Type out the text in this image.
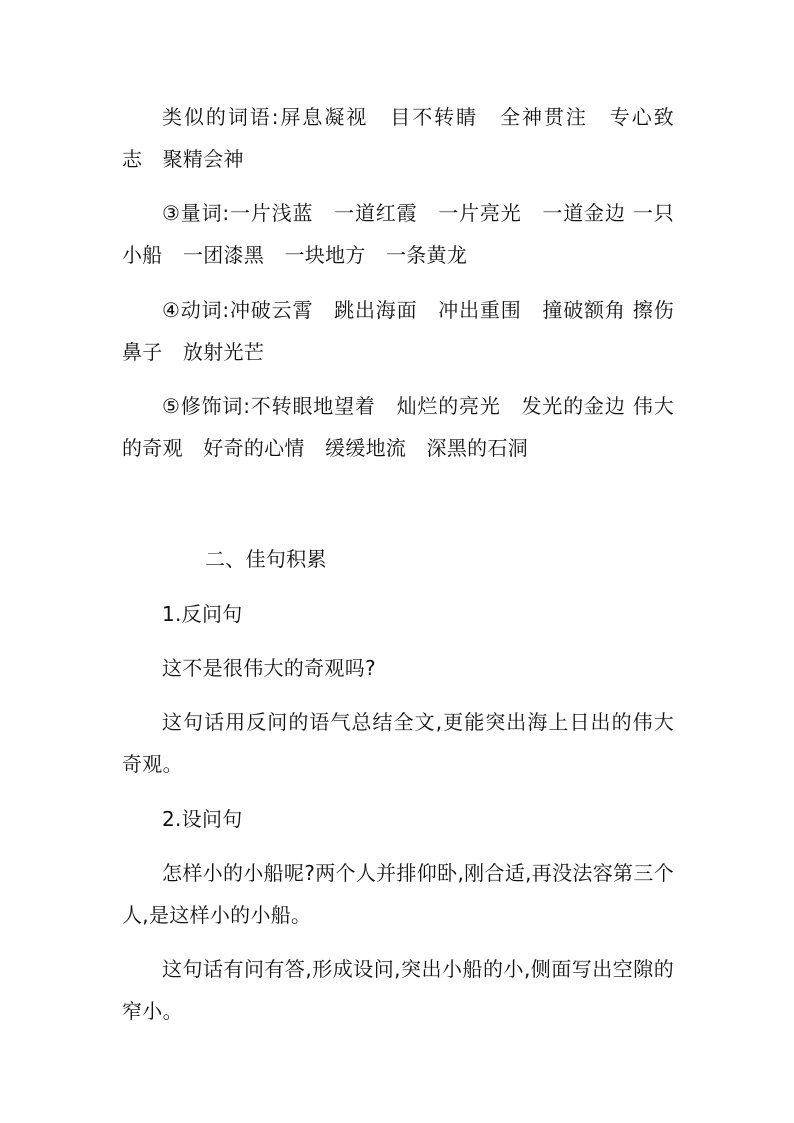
类似的词语:屏息凝视  目不转睛  全神贯注  专心致志  聚精会神

③量词:一片浅蓝  一道红霞  一片亮光  一道金边 一只小船  一团漆黑  一块地方  一条黄龙

④动词:冲破云霄  跳出海面  冲出重围  撞破额角 擦伤鼻子  放射光芒

⑤修饰词:不转眼地望着  灿烂的亮光  发光的金边 伟大的奇观  好奇的心情  缓缓地流  深黑的石洞

二、佳句积累

1.反问句

这不是很伟大的奇观吗?

这句话用反问的语气总结全文,更能突出海上日出的伟大奇观。

2.设问句

怎样小的小船呢?两个人并排仰卧,刚合适,再没法容第三个人,是这样小的小船。

这句话有问有答,形成设问,突出小船的小,侧面写出空隙的窄小。
